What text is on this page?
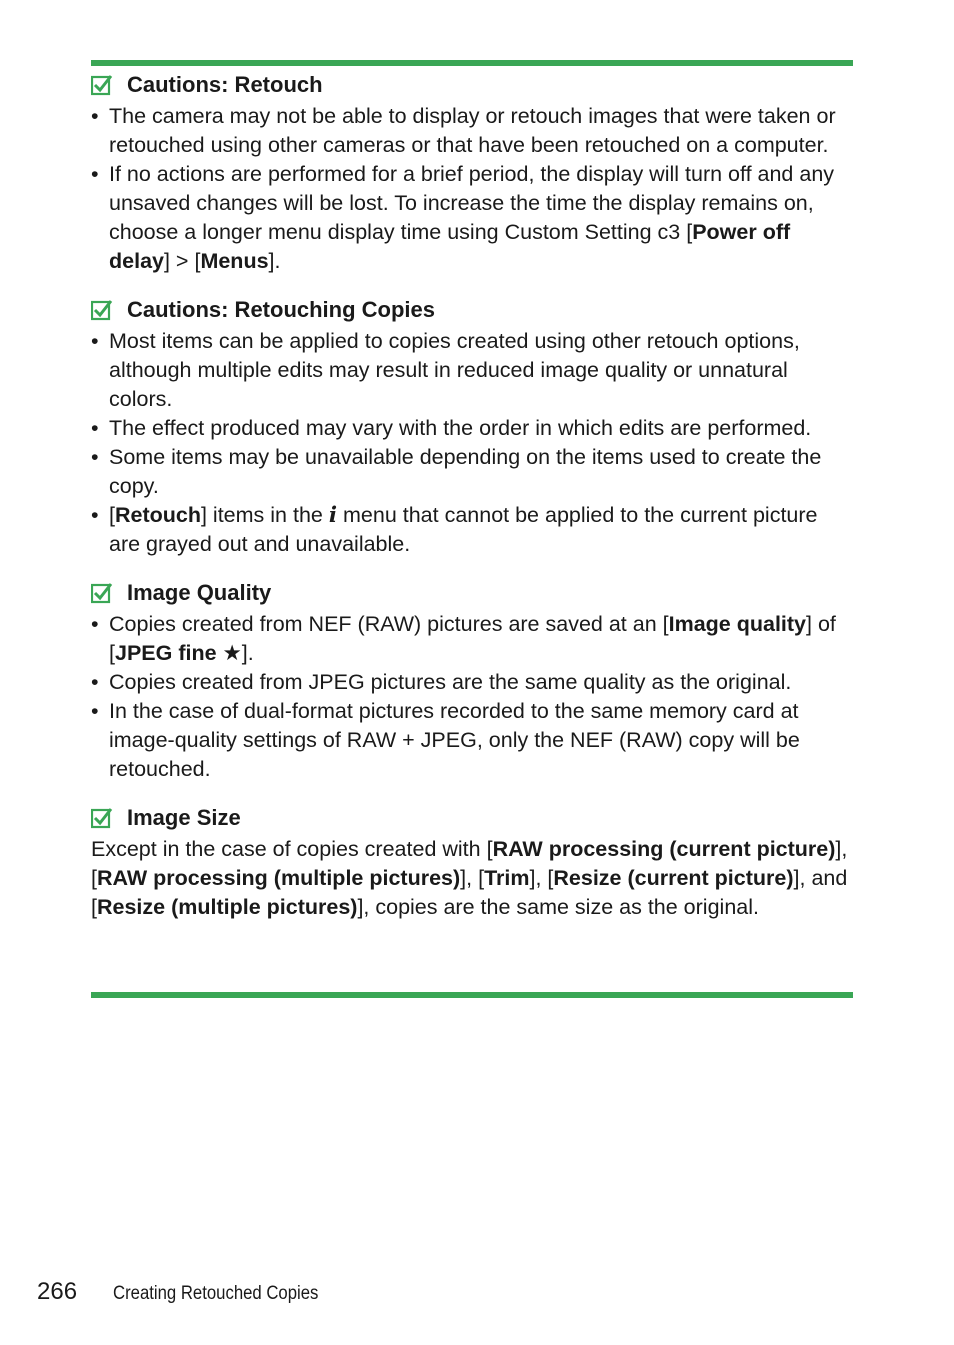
Cautions: Retouch
• The camera may not be able to display or retouch images that were taken or retouched using other cameras or that have been retouched on a computer.
• If no actions are performed for a brief period, the display will turn off and any unsaved changes will be lost. To increase the time the display remains on, choose a longer menu display time using Custom Setting c3 [Power off delay] > [Menus].
Cautions: Retouching Copies
• Most items can be applied to copies created using other retouch options, although multiple edits may result in reduced image quality or unnatural colors.
• The effect produced may vary with the order in which edits are performed.
• Some items may be unavailable depending on the items used to create the copy.
• [Retouch] items in the i menu that cannot be applied to the current picture are grayed out and unavailable.
Image Quality
• Copies created from NEF (RAW) pictures are saved at an [Image quality] of [JPEG fine ★].
• Copies created from JPEG pictures are the same quality as the original.
• In the case of dual-format pictures recorded to the same memory card at image-quality settings of RAW + JPEG, only the NEF (RAW) copy will be retouched.
Image Size

Except in the case of copies created with [RAW processing (current picture)], [RAW processing (multiple pictures)], [Trim], [Resize (current picture)], and [Resize (multiple pictures)], copies are the same size as the original.

266 Creating Retouched Copies
